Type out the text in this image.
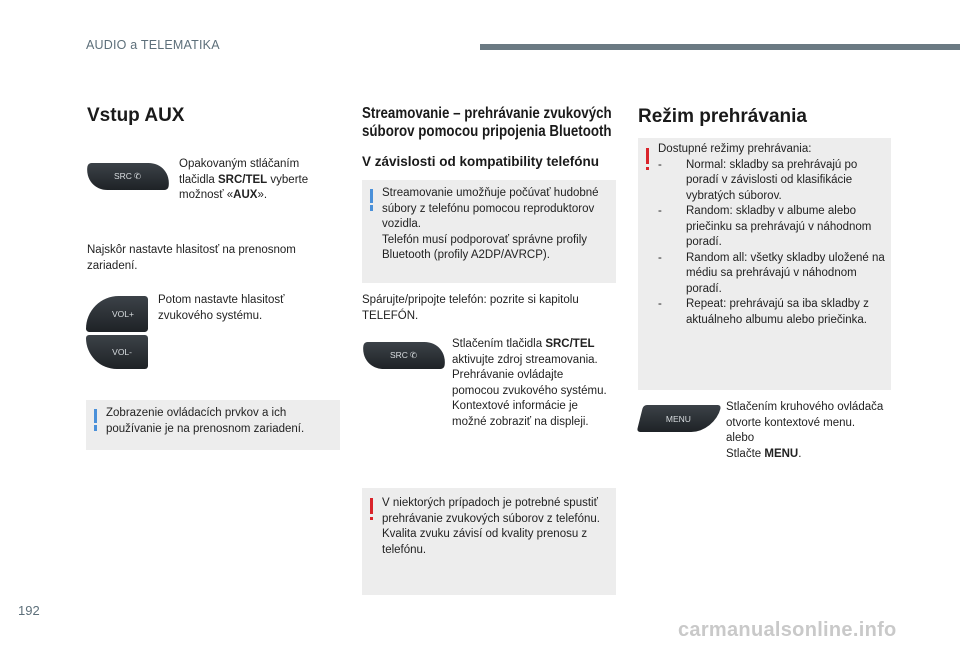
AUDIO a TELEMATIKA
Vstup AUX
SRC✆
Opakovaným stláčaním tlačidla SRC/TEL vyberte možnosť «AUX».
Najskôr nastavte hlasitosť na prenosnom zariadení.
VOL+
VOL-
Potom nastavte hlasitosť zvukového systému.
Zobrazenie ovládacích prvkov a ich používanie je na prenosnom zariadení.
Streamovanie – prehrávanie zvukových
súborov pomocou pripojenia Bluetooth
V závislosti od kompatibility telefónu
Streamovanie umožňuje počúvať hudobné súbory z telefónu pomocou reproduktorov vozidla.
Telefón musí podporovať správne profily Bluetooth (profily A2DP/AVRCP).
Spárujte/pripojte telefón: pozrite si kapitolu TELEFÓN.
SRC✆
Stlačením tlačidla SRC/TEL aktivujte zdroj streamovania. Prehrávanie ovládajte pomocou zvukového systému. Kontextové informácie je možné zobraziť na displeji.
V niektorých prípadoch je potrebné spustiť prehrávanie zvukových súborov z telefónu.
Kvalita zvuku závisí od kvality prenosu z telefónu.
Režim prehrávania
Dostupné režimy prehrávania:
- Normal: skladby sa prehrávajú po poradí v závislosti od klasifikácie vybratých súborov.
- Random: skladby v albume alebo priečinku sa prehrávajú v náhodnom poradí.
- Random all: všetky skladby uložené na médiu sa prehrávajú v náhodnom poradí.
- Repeat: prehrávajú sa iba skladby z aktuálneho albumu alebo priečinka.
MENU
Stlačením kruhového ovládača otvorte kontextové menu.
alebo
Stlačte MENU.
192
carmanualsonline.info
